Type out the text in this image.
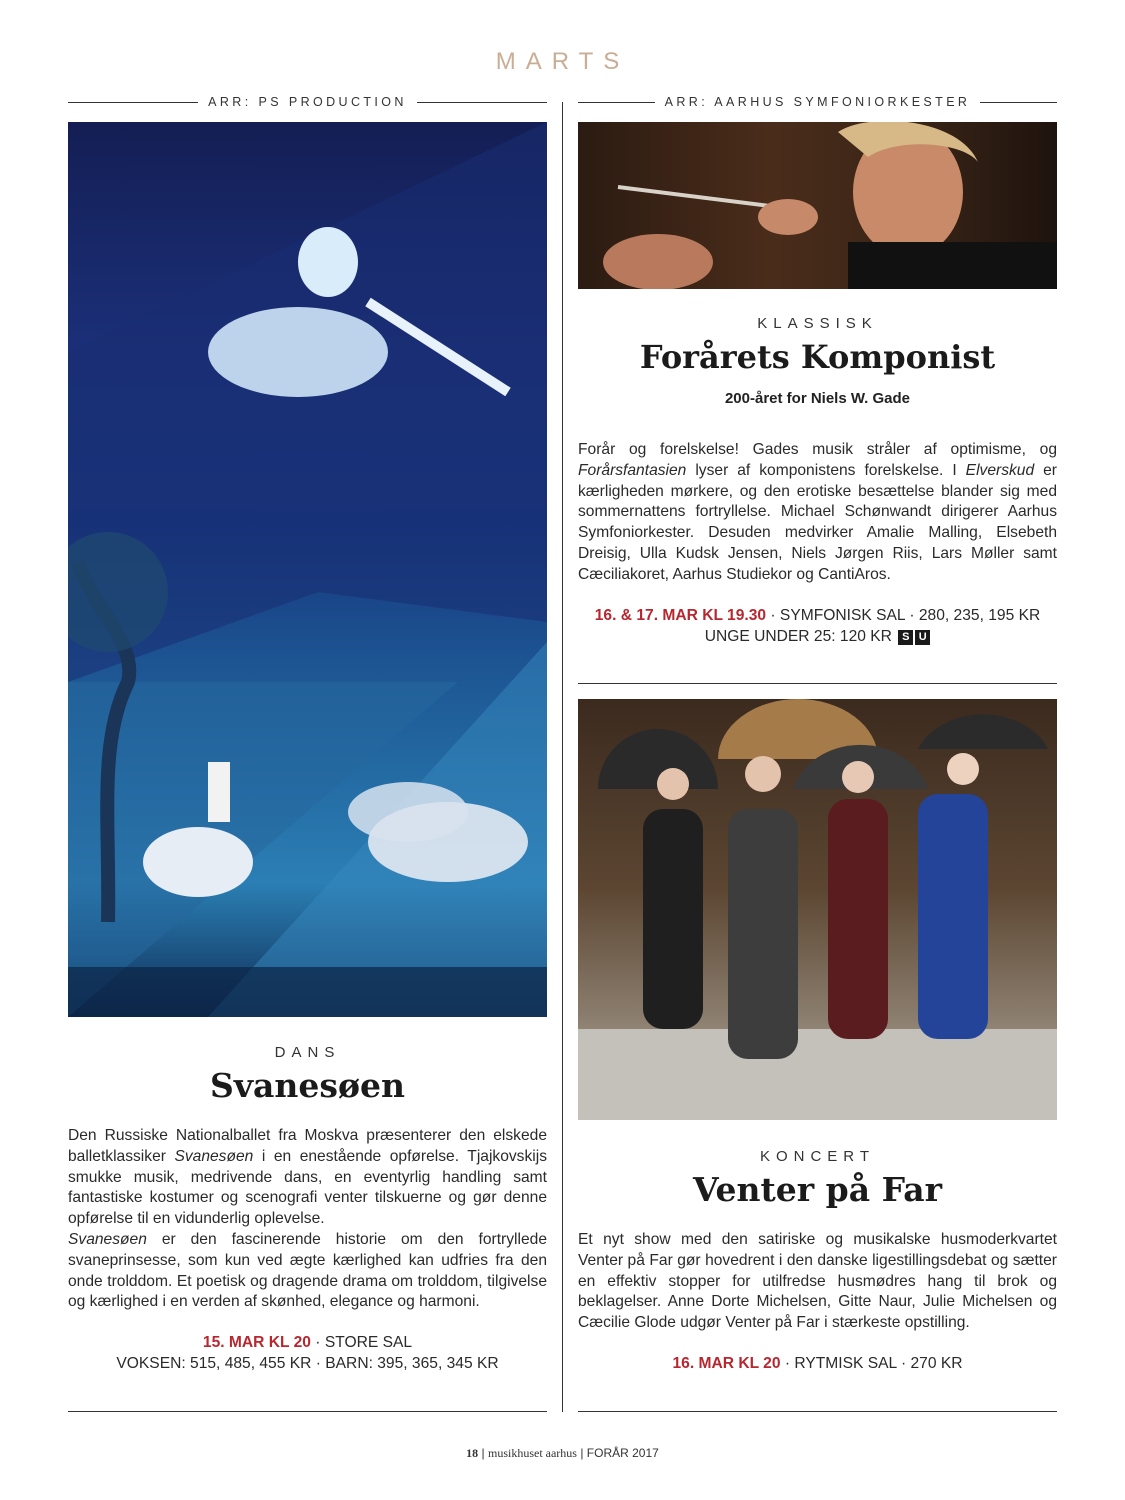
MARTS
ARR: PS PRODUCTION	ARR: AARHUS SYMFONIORKESTER
KLASSISK
Forårets Komponist
200-året for Niels W. Gade

Forår og forelskelse! Gades musik stråler af optimisme, og Forårsfantasien lyser af komponistens forelskelse. I Elverskud er kærligheden mørkere, og den erotiske besættelse blander sig med sommernattens fortryllelse. Michael Schønwandt dirigerer Aarhus Symfoniorkester. Desuden medvirker Amalie Malling, Elsebeth Dreisig, Ulla Kudsk Jensen, Niels Jørgen Riis, Lars Møller samt Cæciliakoret, Aarhus Studiekor og CantiAros.

16. & 17. MAR KL 19.30 · SYMFONISK SAL · 280, 235, 195 KR
UNGE UNDER 25: 120 KR S U
DANS
Svanesøen

Den Russiske Nationalballet fra Moskva præsenterer den elskede balletklassiker Svanesøen i en enestående opførelse. Tjajkovskijs smukke musik, medrivende dans, en eventyrlig handling samt fantastiske kostumer og scenografi venter tilskuerne og gør denne opførelse til en vidunderlig oplevelse.

Svanesøen er den fascinerende historie om den fortryllede svaneprinsesse, som kun ved ægte kærlighed kan udfries fra den onde trolddom. Et poetisk og dragende drama om trolddom, tilgivelse og kærlighed i en verden af skønhed, elegance og harmoni.

15. MAR KL 20 · STORE SAL
VOKSEN: 515, 485, 455 KR · BARN: 395, 365, 345 KR
KONCERT
Venter på Far

Et nyt show med den satiriske og musikalske husmoderkvartet Venter på Far gør hovedrent i den danske ligestillingsdebat og sætter en effektiv stopper for utilfredse husmødres hang til brok og beklagelser. Anne Dorte Michelsen, Gitte Naur, Julie Michelsen og Cæcilie Glode udgør Venter på Far i stærkeste opstilling.

16. MAR KL 20 · RYTMISK SAL · 270 KR
18 | musikhuset aarhus | FORÅR 2017
